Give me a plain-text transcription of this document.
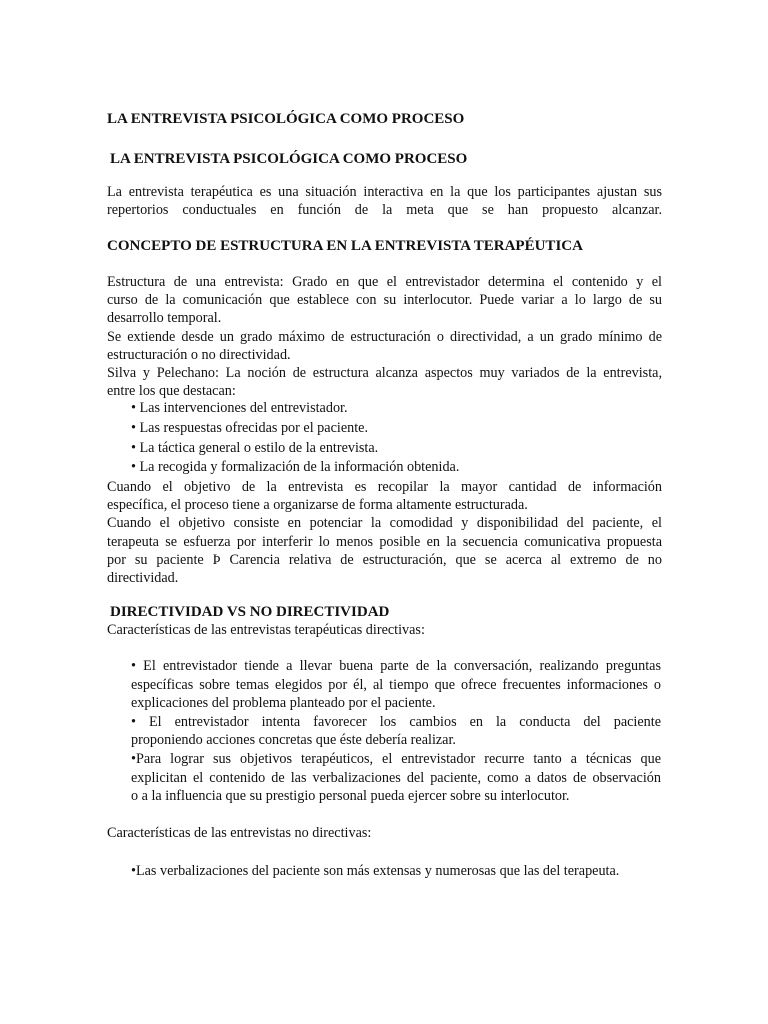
LA ENTREVISTA PSICOLÓGICA COMO PROCESO
LA ENTREVISTA PSICOLÓGICA COMO PROCESO
La entrevista terapéutica es una situación interactiva en la que los participantes ajustan sus
repertorios conductuales en función de la meta que se han propuesto alcanzar.
CONCEPTO DE ESTRUCTURA EN LA ENTREVISTA TERAPÉUTICA
Estructura de una entrevista: Grado en que el entrevistador determina el contenido y el
curso de la comunicación que establece con su interlocutor. Puede variar a lo largo de su
desarrollo temporal.
Se extiende desde un grado máximo de estructuración o directividad, a un grado mínimo de
estructuración o no directividad.
Silva y Pelechano: La noción de estructura alcanza aspectos muy variados de la entrevista,
entre los que destacan:
• Las intervenciones del entrevistador.
• Las respuestas ofrecidas por el paciente.
• La táctica general o estilo de la entrevista.
• La recogida y formalización de la información obtenida.
Cuando el objetivo de la entrevista es recopilar la mayor cantidad de información
específica, el proceso tiene a organizarse de forma altamente estructurada.
Cuando el objetivo consiste en potenciar la comodidad y disponibilidad del paciente, el
terapeuta se esfuerza por interferir lo menos posible en la secuencia comunicativa propuesta
por su paciente Þ Carencia relativa de estructuración, que se acerca al extremo de no
directividad.
DIRECTIVIDAD VS NO DIRECTIVIDAD
Características de las entrevistas terapéuticas directivas:
• El entrevistador tiende a llevar buena parte de la conversación, realizando preguntas
específicas sobre temas elegidos por él, al tiempo que ofrece frecuentes informaciones o
explicaciones del problema planteado por el paciente.
• El entrevistador intenta favorecer los cambios en la conducta del paciente
proponiendo acciones concretas que éste debería realizar.
•Para lograr sus objetivos terapéuticos, el entrevistador recurre tanto a técnicas que
explicitan el contenido de las verbalizaciones del paciente, como a datos de observación
o a la influencia que su prestigio personal pueda ejercer sobre su interlocutor.
Características de las entrevistas no directivas:
•Las verbalizaciones del paciente son más extensas y numerosas que las del terapeuta.
